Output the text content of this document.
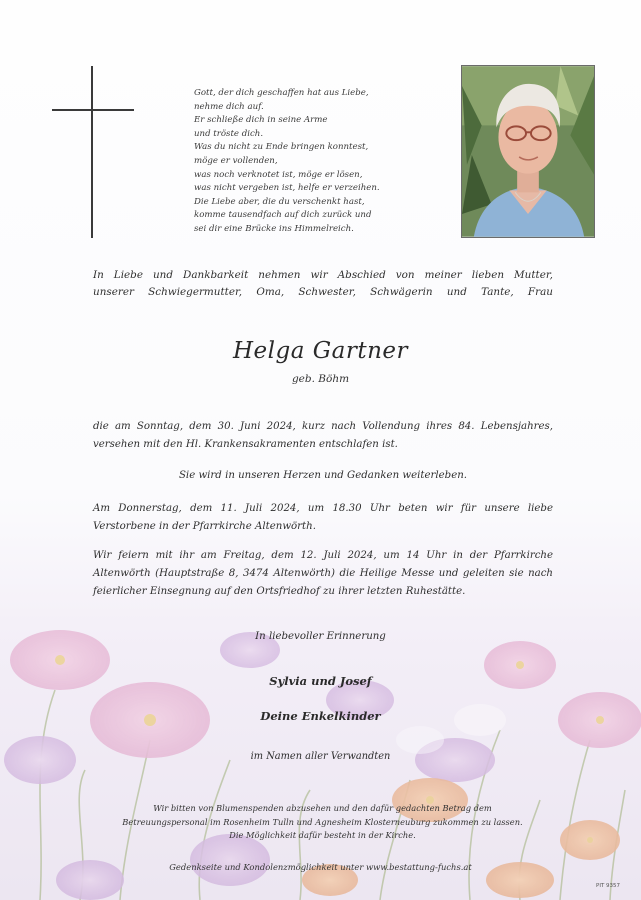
Gott, der dich geschaffen hat aus Liebe,
nehme dich auf.
Er schließe dich in seine Arme
und tröste dich.
Was du nicht zu Ende bringen konntest,
möge er vollenden,
was noch verknotet ist, möge er lösen,
was nicht vergeben ist, helfe er verzeihen.
Die Liebe aber, die du verschenkt hast,
komme tausendfach auf dich zurück und
sei dir eine Brücke ins Himmelreich.
In Liebe und Dankbarkeit nehmen wir Abschied von meiner lieben Mutter,
unserer Schwiegermutter, Oma, Schwester, Schwägerin und Tante, Frau
Helga Gartner
geb. Böhm
die am Sonntag, dem 30. Juni 2024, kurz nach Vollendung ihres 84. Lebensjahres, versehen mit den Hl. Krankensakramenten entschlafen ist.
Sie wird in unseren Herzen und Gedanken weiterleben.
Am Donnerstag, dem 11. Juli 2024, um 18.30 Uhr beten wir für unsere liebe Verstorbene in der Pfarrkirche Altenwörth.
Wir feiern mit ihr am Freitag, dem 12. Juli 2024, um 14 Uhr in der Pfarrkirche Altenwörth (Hauptstraße 8, 3474 Altenwörth) die Heilige Messe und geleiten sie nach feierlicher Einsegnung auf den Ortsfriedhof zu ihrer letzten Ruhestätte.
In liebevoller Erinnerung
Sylvia und Josef
Deine Enkelkinder
im Namen aller Verwandten
Wir bitten von Blumenspenden abzusehen und den dafür gedachten Betrag dem
Betreuungspersonal im Rosenheim Tulln und Agnesheim Klosterneuburg zukommen zu lassen.
Die Möglichkeit dafür besteht in der Kirche.
Gedenkseite und Kondolenzmöglichkeit unter www.bestattung-fuchs.at
PIT 9357
